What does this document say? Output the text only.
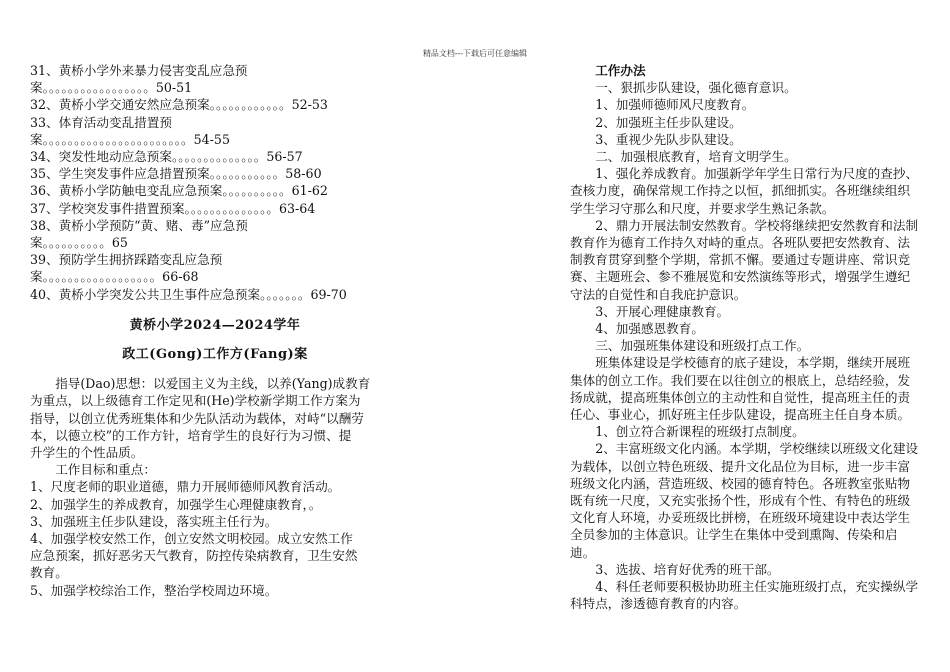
精品文档---下载后可任意编辑
31、黄桥小学外来暴力侵害变乱应急预
案。。。。。。。。。。。。。。。。。50-51
32、黄桥小学交通安然应急预案。。。。。。。。。。。。52-53
33、体育活动变乱措置预
案。。。。。。。。。。。。。。。。。。。。。。。54-55
34、突发性地动应急预案。。。。。。。。。。。。。。56-57
35、学生突发事件应急措置预案。。。。。。。。。。。58-60
36、黄桥小学防触电变乱应急预案。。。。。。。。。。61-62
37、学校突发事件措置预案。。。。。。。。。。。。。。63-64
38、黄桥小学预防“黄、赌、毒”应急预
案。。。。。。。。。。65
39、预防学生拥挤踩踏变乱应急预
案。。。。。。。。。。。。。。。。。。66-68
40、黄桥小学突发公共卫生事件应急预案。。。。。。。69-70
黄桥小学2024—2024学年
政工(Gong)工作方(Fang)案
指导(Dao)思想：以爱国主义为主线，以养(Yang)成教育
为重点，以上级德育工作定见和(He)学校新学期工作方案为
指导，以创立优秀班集体和少先队活动为载体，对峙“以酬劳
本，以德立校”的工作方针，培育学生的良好行为习惯、提
升学生的个性品质。
工作目标和重点：
1、尺度老师的职业道德，鼎力开展师德师风教育活动。
2、加强学生的养成教育，加强学生心理健康教育，。
3、加强班主任步队建设，落实班主任行为。
4、加强学校安然工作，创立安然文明校园。成立安然工作
应急预案，抓好恶劣天气教育，防控传染病教育，卫生安然
教育。
5、加强学校综治工作，整治学校周边环境。
工作办法
一、狠抓步队建设，强化德育意识。
1、加强师德师风尺度教育。
2、加强班主任步队建设。
3、重视少先队步队建设。
二、加强根底教育，培育文明学生。
1、强化养成教育。加强新学年学生日常行为尺度的查抄、
查核力度，确保常规工作持之以恒，抓细抓实。各班继续组织
学生学习守那么和尺度，并要求学生熟记条款。
2、鼎力开展法制安然教育。学校将继续把安然教育和法制
教育作为德育工作持久对峙的重点。各班队要把安然教育、法
制教育贯穿到整个学期，常抓不懈。要通过专题讲座、常识竞
赛、主题班会、参不雅展览和安然演练等形式，增强学生遵纪
守法的自觉性和自我庇护意识。
3、开展心理健康教育。
4、加强感恩教育。
三、加强班集体建设和班级打点工作。
班集体建设是学校德育的底子建设，本学期，继续开展班
集体的创立工作。我们要在以往创立的根底上，总结经验，发
扬成就，提高班集体创立的主动性和自觉性，提高班主任的责
任心、事业心，抓好班主任步队建设，提高班主任自身本质。
1、创立符合新课程的班级打点制度。
2、丰富班级文化内涵。本学期，学校继续以班级文化建设
为载体，以创立特色班级、提升文化品位为目标，进一步丰富
班级文化内涵，营造班级、校园的德育特色。各班教室张贴物
既有统一尺度，又充实张扬个性，形成有个性、有特色的班级
文化育人环境，办妥班级比拼榜，在班级环境建设中表达学生
全员参加的主体意识。让学生在集体中受到熏陶、传染和启
迪。
3、选拔、培育好优秀的班干部。
4、科任老师要积极协助班主任实施班级打点，充实操纵学
科特点，渗透德育教育的内容。
